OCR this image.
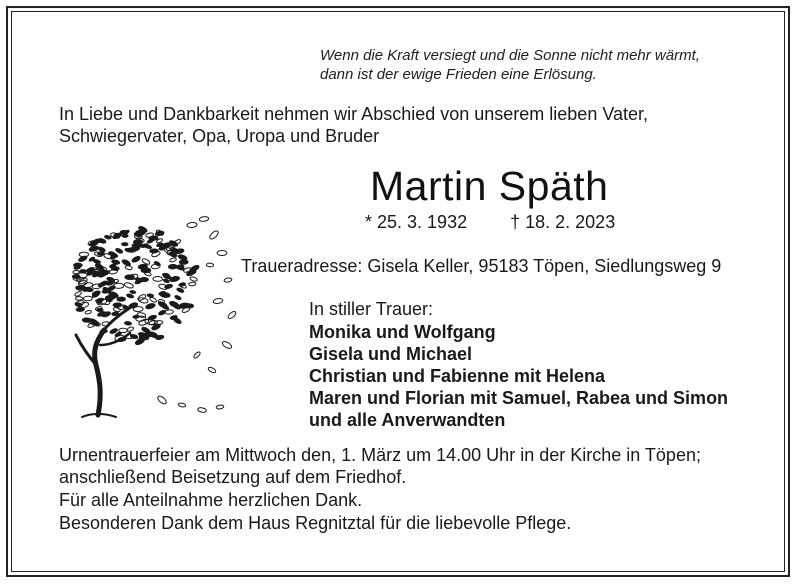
Wenn die Kraft versiegt und die Sonne nicht mehr wärmt,
dann ist der ewige Frieden eine Erlösung.
In Liebe und Dankbarkeit nehmen wir Abschied von unserem lieben Vater,
Schwiegervater, Opa, Uropa und Bruder
Martin Späth
* 25. 3. 1932 † 18. 2. 2023
Traueradresse: Gisela Keller, 95183 Töpen, Siedlungsweg 9
In stiller Trauer:
Monika und Wolfgang
Gisela und Michael
Christian und Fabienne mit Helena
Maren und Florian mit Samuel, Rabea und Simon
und alle Anverwandten
Urnentrauerfeier am Mittwoch den, 1. März um 14.00 Uhr in der Kirche in Töpen;
anschließend Beisetzung auf dem Friedhof.
Für alle Anteilnahme herzlichen Dank.
Besonderen Dank dem Haus Regnitztal für die liebevolle Pflege.
